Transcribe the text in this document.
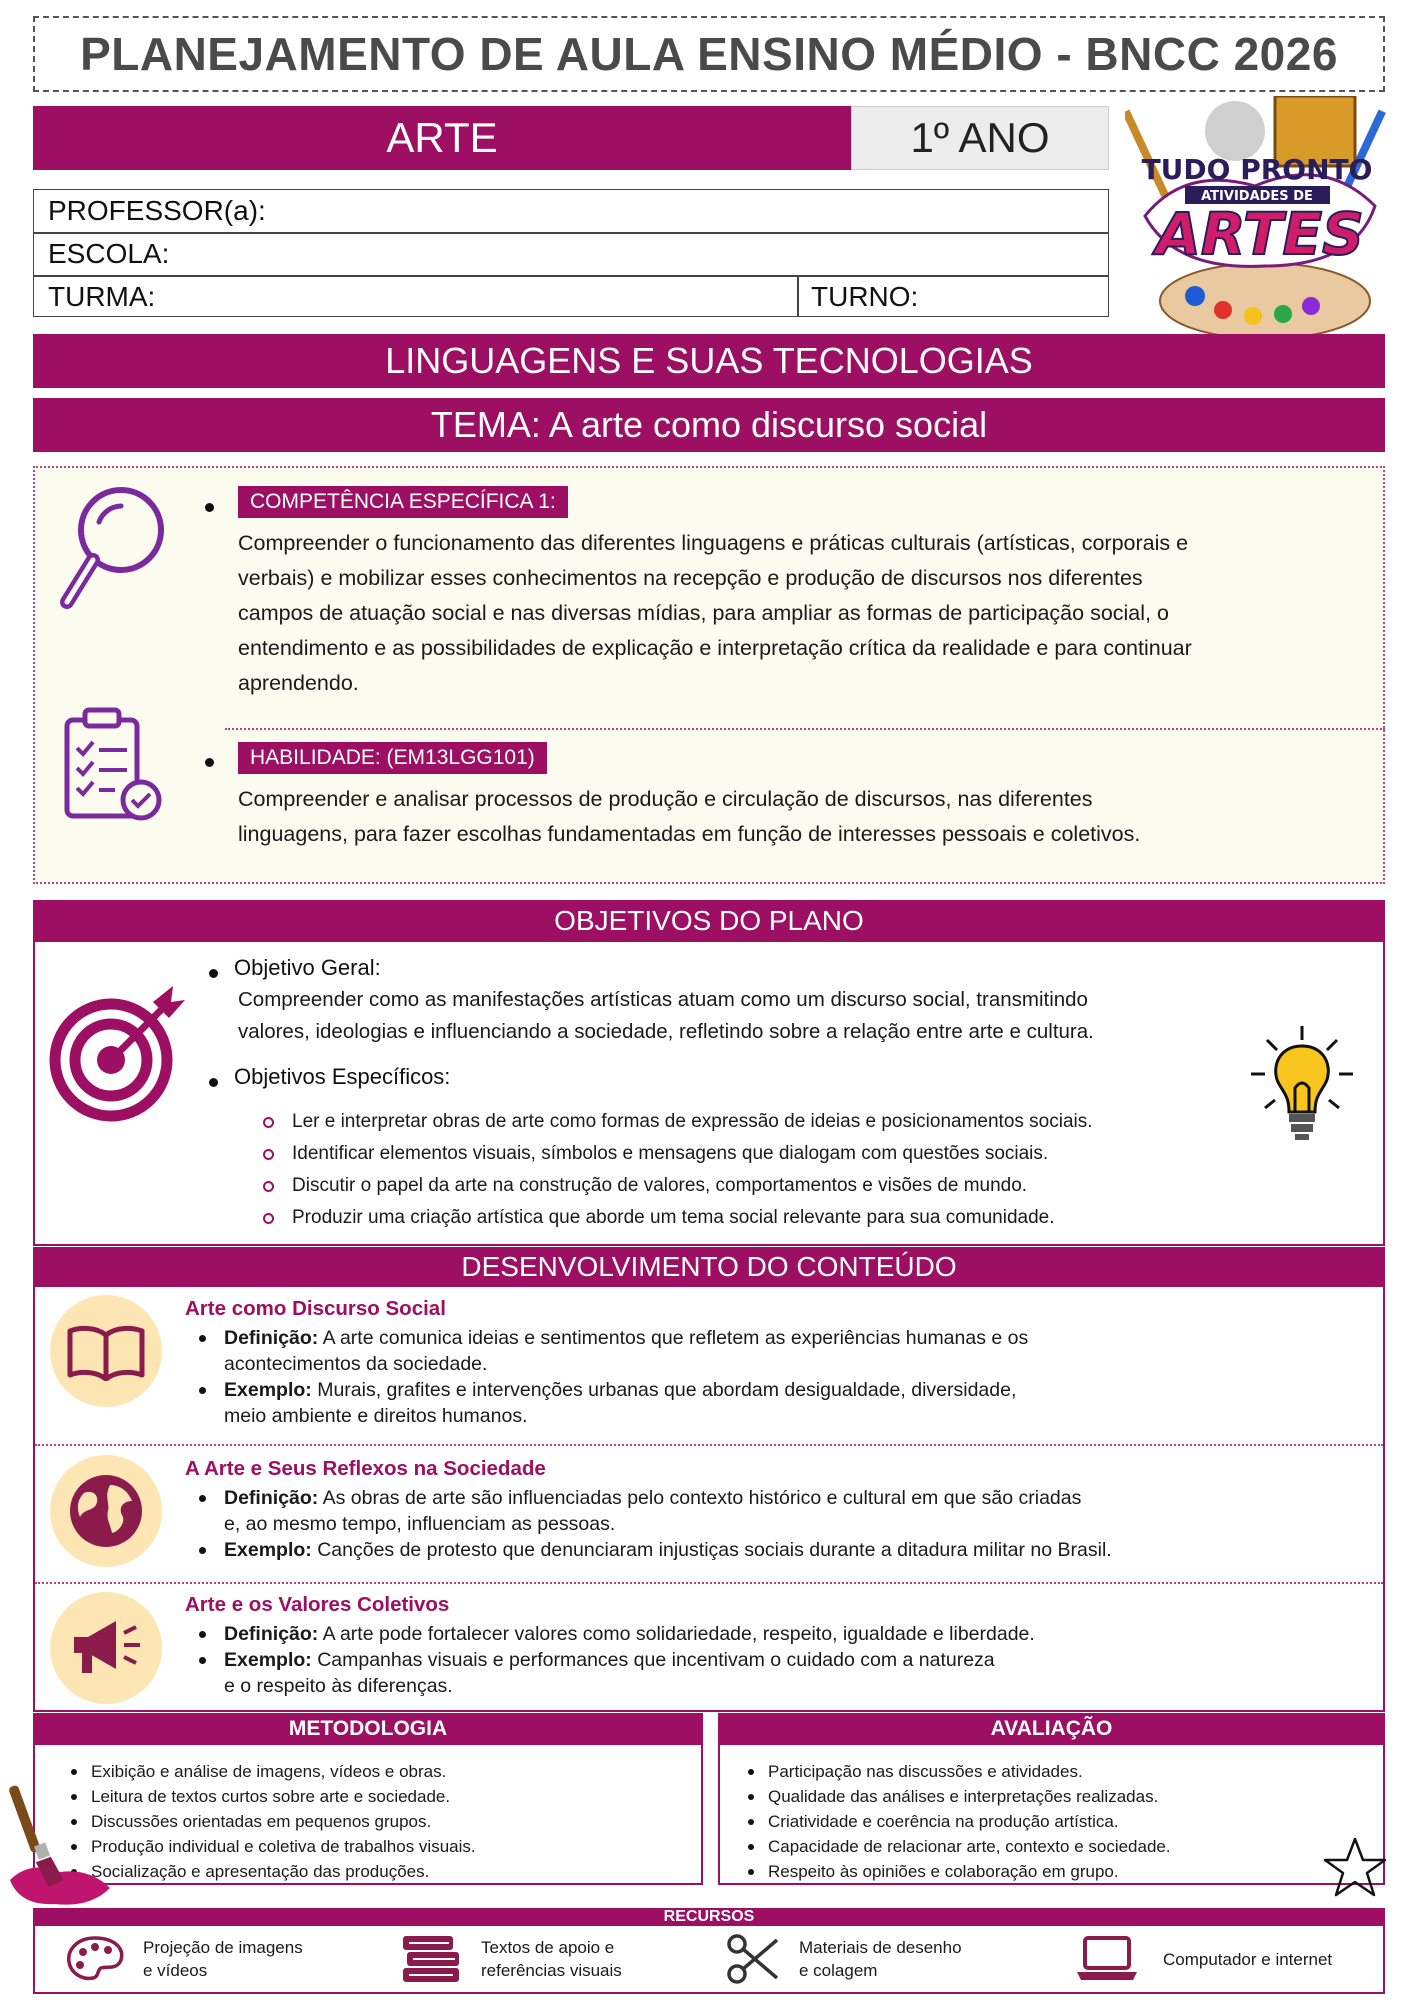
PLANEJAMENTO DE AULA ENSINO MÉDIO - BNCC 2026
ARTE	1º ANO
PROFESSOR(a):
ESCOLA:
TURMA:	TURNO:
TUDO PRONTO
ATIVIDADES DE
ARTES
LINGUAGENS E SUAS TECNOLOGIAS
TEMA: A arte como discurso social
COMPETÊNCIA ESPECÍFICA 1:
Compreender o funcionamento das diferentes linguagens e práticas culturais (artísticas, corporais e
verbais) e mobilizar esses conhecimentos na recepção e produção de discursos nos diferentes
campos de atuação social e nas diversas mídias, para ampliar as formas de participação social, o
entendimento e as possibilidades de explicação e interpretação crítica da realidade e para continuar
aprendendo.
HABILIDADE: (EM13LGG101)
Compreender e analisar processos de produção e circulação de discursos, nas diferentes
linguagens, para fazer escolhas fundamentadas em função de interesses pessoais e coletivos.
OBJETIVOS DO PLANO
Objetivo Geral:
Compreender como as manifestações artísticas atuam como um discurso social, transmitindo
valores, ideologias e influenciando a sociedade, refletindo sobre a relação entre arte e cultura.
Objetivos Específicos:
Ler e interpretar obras de arte como formas de expressão de ideias e posicionamentos sociais.
Identificar elementos visuais, símbolos e mensagens que dialogam com questões sociais.
Discutir o papel da arte na construção de valores, comportamentos e visões de mundo.
Produzir uma criação artística que aborde um tema social relevante para sua comunidade.
DESENVOLVIMENTO DO CONTEÚDO
Arte como Discurso Social
Definição: A arte comunica ideias e sentimentos que refletem as experiências humanas e os
acontecimentos da sociedade.
Exemplo: Murais, grafites e intervenções urbanas que abordam desigualdade, diversidade,
meio ambiente e direitos humanos.
A Arte e Seus Reflexos na Sociedade
Definição: As obras de arte são influenciadas pelo contexto histórico e cultural em que são criadas
e, ao mesmo tempo, influenciam as pessoas.
Exemplo: Canções de protesto que denunciaram injustiças sociais durante a ditadura militar no Brasil.
Arte e os Valores Coletivos
Definição: A arte pode fortalecer valores como solidariedade, respeito, igualdade e liberdade.
Exemplo: Campanhas visuais e performances que incentivam o cuidado com a natureza
e o respeito às diferenças.
METODOLOGIA
Exibição e análise de imagens, vídeos e obras.
Leitura de textos curtos sobre arte e sociedade.
Discussões orientadas em pequenos grupos.
Produção individual e coletiva de trabalhos visuais.
Socialização e apresentação das produções.
AVALIAÇÃO
Participação nas discussões e atividades.
Qualidade das análises e interpretações realizadas.
Criatividade e coerência na produção artística.
Capacidade de relacionar arte, contexto e sociedade.
Respeito às opiniões e colaboração em grupo.
RECURSOS
Projeção de imagens
e vídeos
Textos de apoio e
referências visuais
Materiais de desenho
e colagem
Computador e internet
